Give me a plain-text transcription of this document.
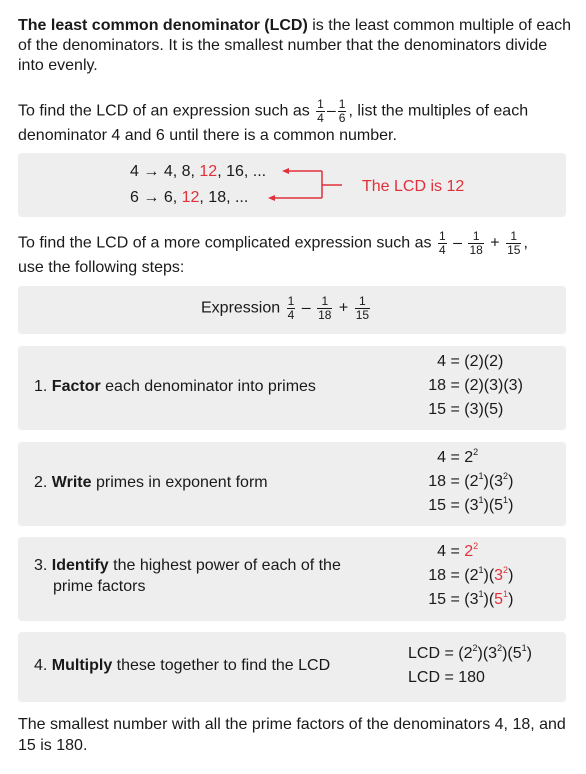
The least common denominator (LCD) is the least common multiple of each of the denominators. It is the smallest number that the denominators divide into evenly.
To find the LCD of an expression such as $\frac{1}{4} - \frac{1}{6}$ , list the multiples of each denominator 4 and 6 until there is a common number.
4 → 4, 8, 12, 16, ...
6 → 6, 12, 18, ...
The LCD is 12
To find the LCD of a more complicated expression such as $\frac{1}{4} - \frac{1}{18} + \frac{1}{15}$ ,
use the following steps:
Expression $\frac{1}{4} - \frac{1}{18} + \frac{1}{15}$
1. Factor each denominator into primes
4 = (2)(2)
18 = (2)(3)(3)
15 = (3)(5)
2. Write primes in exponent form
$4 = 2^2$
$18 = (2^1)(3^2)$
$15 = (3^1)(5^1)$
3. Identify the highest power of each of the
prime factors
$4 = 2^2$
$18 = (2^1)(3^2)$
$15 = (3^1)(5^1)$
4. Multiply these together to find the LCD
LCD = $(2^2)(3^2)(5^1)$
LCD = 180
The smallest number with all the prime factors of the denominators 4, 18, and 15 is 180.
